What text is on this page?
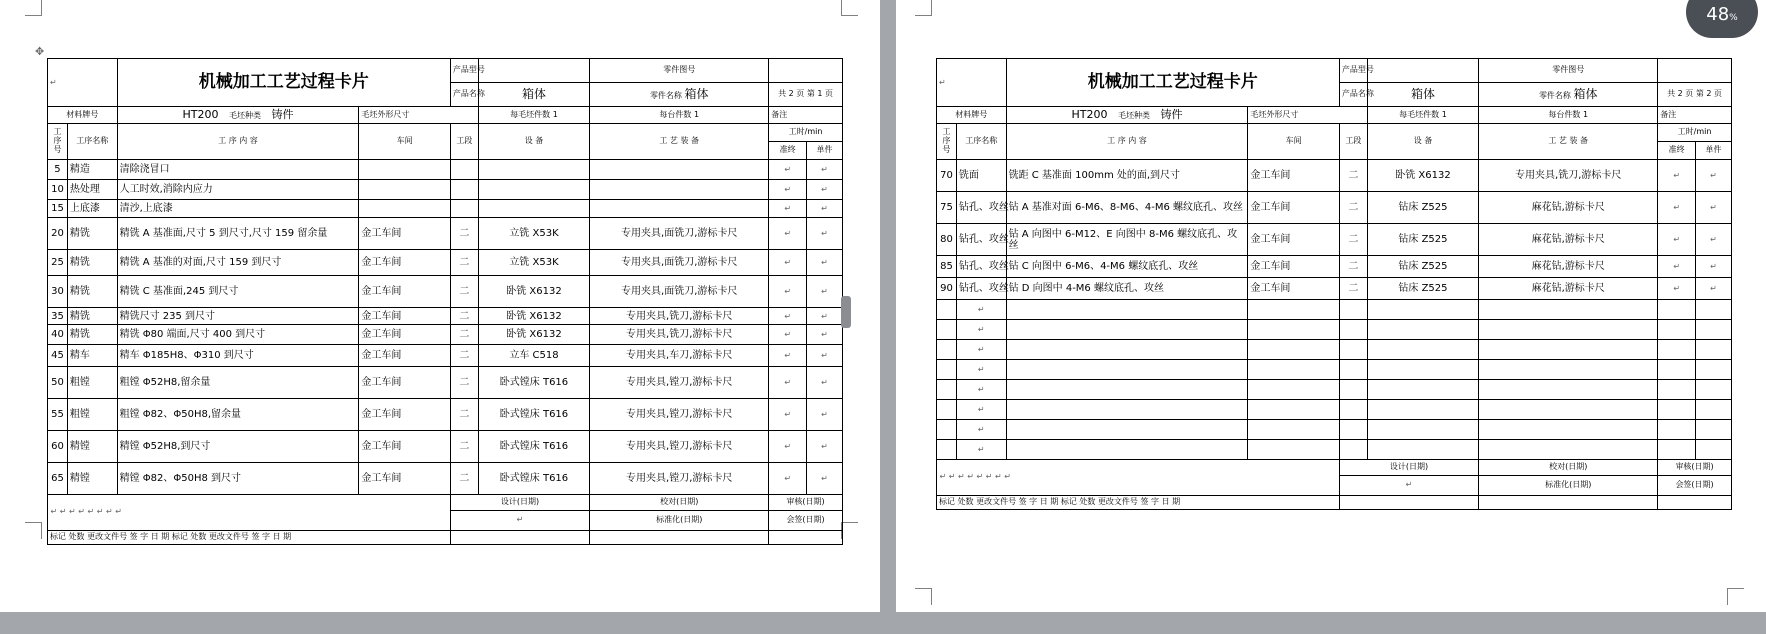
✥
↵		机械加工工艺过程卡片		产品型号		零件图号		
				产品名称	箱体	零件名称 箱体	共 2 页 第 1 页	
材料牌号		HT200 毛坯种类 铸件	毛坯外形尺寸		每毛坯件数 1	每台件数 1	备注	
工序号	工序名称	工 序 内 容	车间	工段	设 备	工 艺 装 备	工时/min	
							准终	单件
5	精造	清除浇冒口					↵	↵
10	热处理	人工时效,消除内应力					↵	↵
15	上底漆	清沙,上底漆					↵	↵
20	精铣	精铣 A 基准面,尺寸 5 到尺寸,尺寸 159 留余量	金工车间	二	立铣 X53K	专用夹具,面铣刀,游标卡尺	↵	↵
25	精铣	精铣 A 基准的对面,尺寸 159 到尺寸	金工车间	二	立铣 X53K	专用夹具,面铣刀,游标卡尺	↵	↵
30	精铣	精铣 C 基准面,245 到尺寸	金工车间	二	卧铣 X6132	专用夹具,面铣刀,游标卡尺	↵	↵
35	精铣	精铣尺寸 235 到尺寸	金工车间	二	卧铣 X6132	专用夹具,铣刀,游标卡尺	↵	↵
40	精铣	精铣 Φ80 端面,尺寸 400 到尺寸	金工车间	二	卧铣 X6132	专用夹具,铣刀,游标卡尺	↵	↵
45	精车	精车 Φ185H8、Φ310 到尺寸	金工车间	二	立车 C518	专用夹具,车刀,游标卡尺	↵	↵
50	粗镗	粗镗 Φ52H8,留余量	金工车间	二	卧式镗床 T616	专用夹具,镗刀,游标卡尺	↵	↵
55	粗镗	粗镗 Φ82、Φ50H8,留余量	金工车间	二	卧式镗床 T616	专用夹具,镗刀,游标卡尺	↵	↵
60	精镗	精镗 Φ52H8,到尺寸	金工车间	二	卧式镗床 T616	专用夹具,镗刀,游标卡尺	↵	↵
65	精镗	精镗 Φ82、Φ50H8 到尺寸	金工车间	二	卧式镗床 T616	专用夹具,镗刀,游标卡尺	↵	↵
↵ ↵ ↵ ↵ ↵ ↵ ↵ ↵				设计(日期)		校对(日期)	审核(日期)	
				↵		标准化(日期)	会签(日期)	
标记 处数 更改文件号 签 字 日 期 标记 处数 更改文件号 签 字 日 期								
↵		机械加工工艺过程卡片		产品型号		零件图号		
				产品名称	箱体	零件名称 箱体	共 2 页 第 2 页	
材料牌号		HT200 毛坯种类 铸件	毛坯外形尺寸		每毛坯件数 1	每台件数 1	备注	
工序号	工序名称	工 序 内 容	车间	工段	设 备	工 艺 装 备	工时/min	
							准终	单件
70	铣面	铣距 C 基准面 100mm 处的面,到尺寸	金工车间	二	卧铣 X6132	专用夹具,铣刀,游标卡尺	↵	↵
75	钻孔、攻丝	钻 A 基准对面 6-M6、8-M6、4-M6 螺纹底孔、攻丝	金工车间	二	钻床 Z525	麻花钻,游标卡尺	↵	↵
80	钻孔、攻丝	钻 A 向图中 6-M12、E 向图中 8-M6 螺纹底孔、攻丝	金工车间	二	钻床 Z525	麻花钻,游标卡尺	↵	↵
85	钻孔、攻丝	钻 C 向图中 6-M6、4-M6 螺纹底孔、攻丝	金工车间	二	钻床 Z525	麻花钻,游标卡尺	↵	↵
90	钻孔、攻丝	钻 D 向图中 4-M6 螺纹底孔、攻丝	金工车间	二	钻床 Z525	麻花钻,游标卡尺	↵	↵
	↵							
	↵							
	↵							
	↵							
	↵							
	↵							
	↵							
	↵							
↵ ↵ ↵ ↵ ↵ ↵ ↵ ↵				设计(日期)		校对(日期)	审核(日期)	
				↵		标准化(日期)	会签(日期)	
标记 处数 更改文件号 签 字 日 期 标记 处数 更改文件号 签 字 日 期								
48%
